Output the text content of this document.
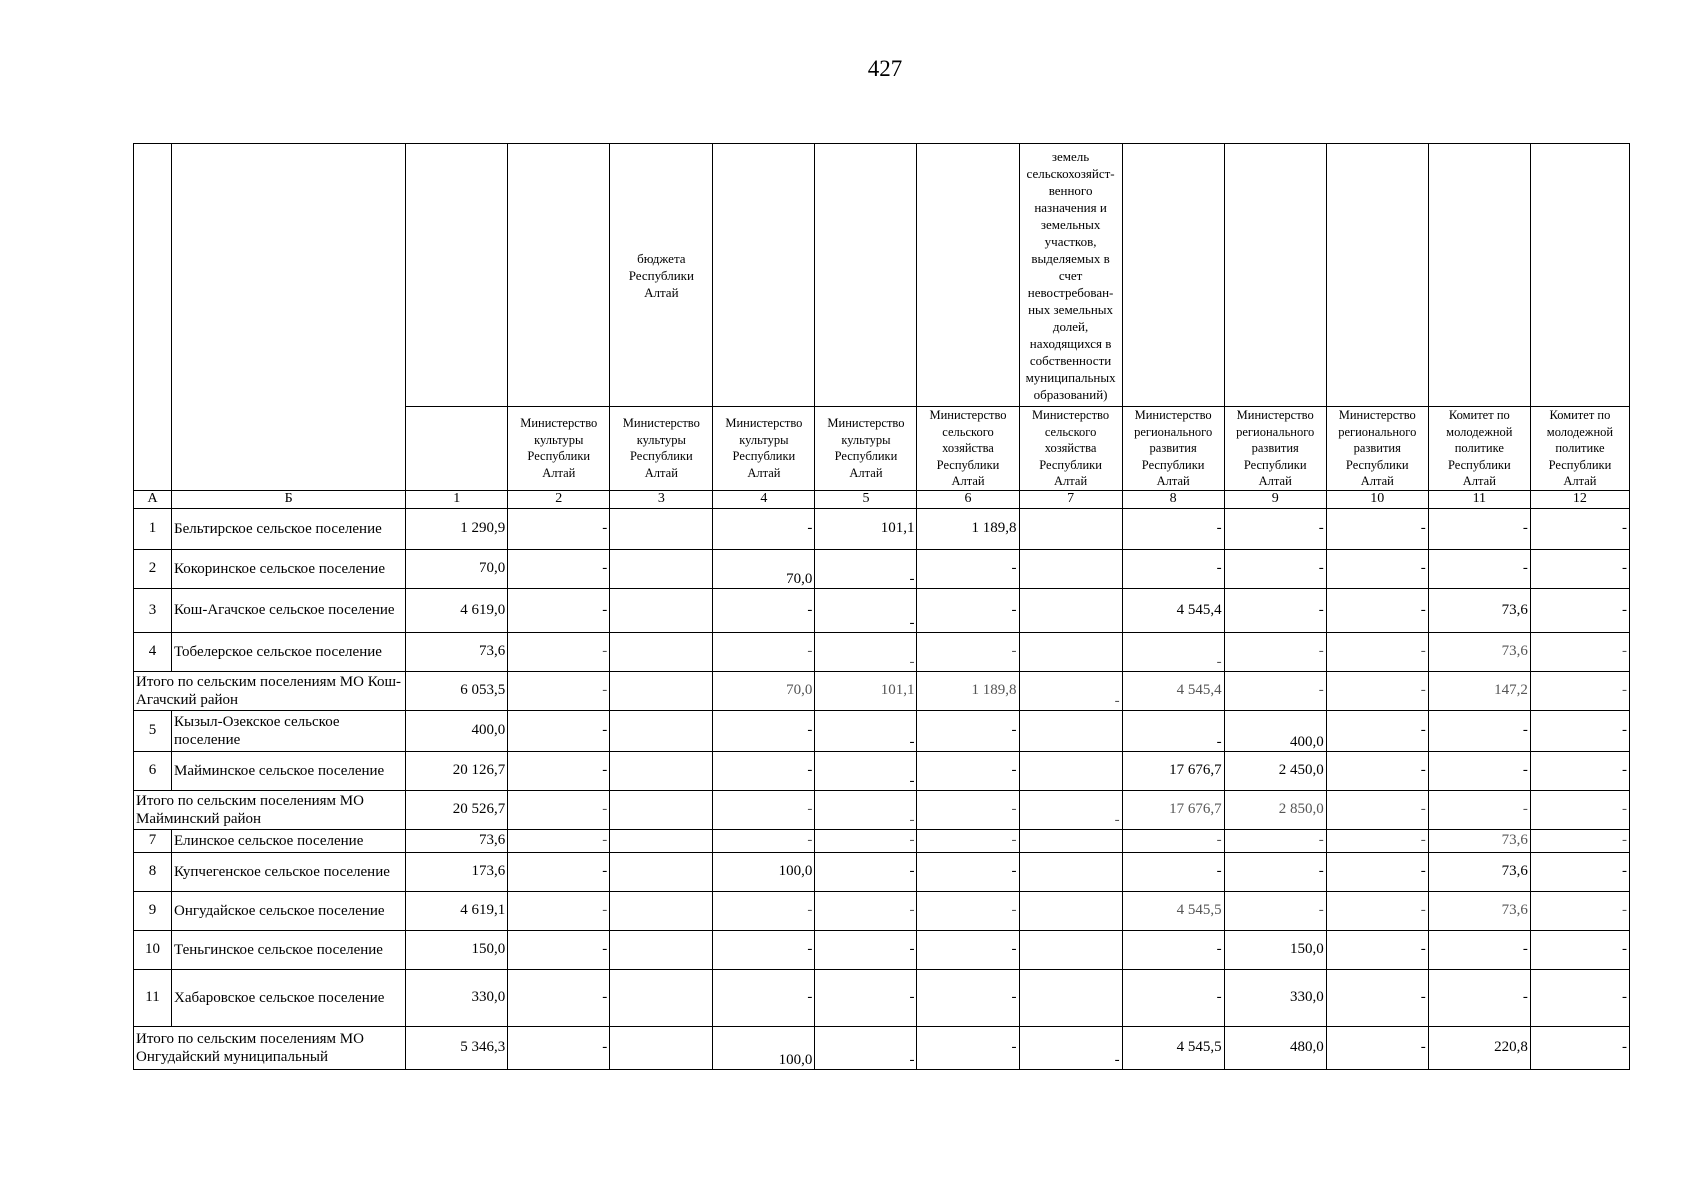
427
				бюджета Республики Алтай				земель сельскохозяйст-венного назначения и земельных участков, выделяемых в счет невостребован-ных земельных долей, находящихся в собственности муниципальных образований)					
			Министерство культуры Республики Алтай	Министерство культуры Республики Алтай	Министерство культуры Республики Алтай	Министерство культуры Республики Алтай	Министерство сельского хозяйства Республики Алтай	Министерство сельского хозяйства Республики Алтай	Министерство регионального развития Республики Алтай	Министерство регионального развития Республики Алтай	Министерство регионального развития Республики Алтай	Комитет по молодежной политике Республики Алтай	Комитет по молодежной политике Республики Алтай
А	Б	1	2	3	4	5	6	7	8	9	10	11	12
1	Бельтирское сельское поселение	1 290,9	-		-	101,1	1 189,8		-	-	-	-	-
2	Кокоринское сельское поселение	70,0	-		70,0	-	-		-	-	-	-	-
3	Кош-Агачское сельское поселение	4 619,0	-		-	-	-		4 545,4	-	-	73,6	-
4	Тобелерское сельское поселение	73,6	-		-	-	-		-	-	-	73,6	-
Итого по сельским поселениям МО Кош-Агачский район		6 053,5	-		70,0	101,1	1 189,8	-	4 545,4	-	-	147,2	-
5	Кызыл-Озекское сельское поселение	400,0	-		-	-	-		-	400,0	-	-	-
6	Майминское сельское поселение	20 126,7	-		-	-	-		17 676,7	2 450,0	-	-	-
Итого по сельским поселениям МО Майминский район		20 526,7	-		-	-	-	-	17 676,7	2 850,0	-	-	-
7	Елинское сельское поселение	73,6	-		-	-	-		-	-	-	73,6	-
8	Купчегенское сельское поселение	173,6	-		100,0	-	-		-	-	-	73,6	-
9	Онгудайское сельское поселение	4 619,1	-		-	-	-		4 545,5	-	-	73,6	-
10	Теньгинское сельское поселение	150,0	-		-	-	-		-	150,0	-	-	-
11	Хабаровское сельское поселение	330,0	-		-	-	-		-	330,0	-	-	-
Итого по сельским поселениям МО Онгудайский муниципальный		5 346,3	-		100,0	-	-	-	4 545,5	480,0	-	220,8	-
